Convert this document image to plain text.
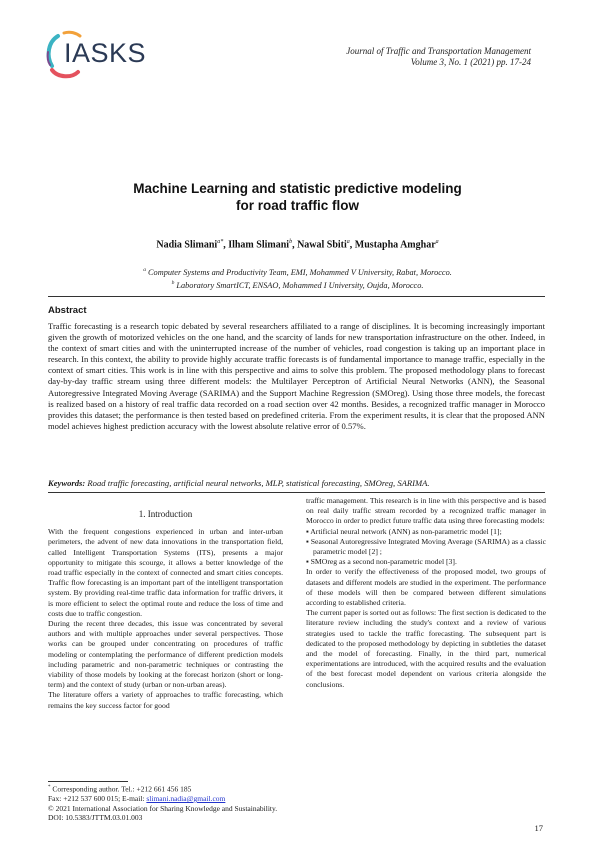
IASKS	Journal of Traffic and Transportation Management
Volume 3, No. 1 (2021) pp. 17-24
Machine Learning and statistic predictive modeling
for road traffic flow
Nadia Slimani$^{a*}$, Ilham Slimani$^b$, Nawal Sbiti$^a$, Mustapha Amghar$^a$
$^a$ Computer Systems and Productivity Team, EMI, Mohammed V University, Rabat, Morocco.
$^b$ Laboratory SmartICT, ENSAO, Mohammed I University, Oujda, Morocco.
Abstract
Traffic forecasting is a research topic debated by several researchers affiliated to a range of disciplines. It is becoming increasingly important given the growth of motorized vehicles on the one hand, and the scarcity of lands for new transportation infrastructure on the other. Indeed, in the context of smart cities and with the uninterrupted increase of the number of vehicles, road congestion is taking up an important place in research. In this context, the ability to provide highly accurate traffic forecasts is of fundamental importance to manage traffic, especially in the context of smart cities. This work is in line with this perspective and aims to solve this problem. The proposed methodology plans to forecast day-by-day traffic stream using three different models: the Multilayer Perceptron of Artificial Neural Networks (ANN), the Seasonal Autoregressive Integrated Moving Average (SARIMA) and the Support Machine Regression (SMOreg). Using those three models, the forecast is realized based on a history of real traffic data recorded on a road section over 42 months. Besides, a recognized traffic manager in Morocco provides this dataset; the performance is then tested based on predefined criteria. From the experiment results, it is clear that the proposed ANN model achieves highest prediction accuracy with the lowest absolute relative error of 0.57%.
Keywords: Road traffic forecasting, artificial neural networks, MLP, statistical forecasting, SMOreg, SARIMA.

1. Introduction

With the frequent congestions experienced in urban and inter-urban perimeters, the advent of new data innovations in the transportation field, called Intelligent Transportation Systems (ITS), presents a major opportunity to mitigate this scourge, it allows a better knowledge of the road traffic especially in the context of connected and smart cities concepts. Traffic flow forecasting is an important part of the intelligent transportation system. By providing real-time traffic data information for traffic drivers, it is more efficient to select the optimal route and reduce the loss of time and costs due to traffic congestion.

During the recent three decades, this issue was concentrated by several authors and with multiple approaches under several perspectives. Those works can be grouped under concentrating on procedures of traffic modeling or contemplating the performance of different prediction models including parametric and non-parametric techniques or contrasting the viability of those models by looking at the forecast horizon (short or long-term) and the context of study (urban or non-urban areas).

The literature offers a variety of approaches to traffic forecasting, which remains the key success factor for good

traffic management. This research is in line with this perspective and is based on real daily traffic stream recorded by a recognized traffic manager in Morocco in order to predict future traffic data using three forecasting models:

▪ Artificial neural network (ANN) as non-parametric model [1];

▪ Seasonal Autoregressive Integrated Moving Average (SARIMA) as a classic parametric model [2] ;

▪ SMOreg as a second non-parametric model [3].

In order to verify the effectiveness of the proposed model, two groups of datasets and different models are studied in the experiment. The performance of these models will then be compared between different simulations according to established criteria.

The current paper is sorted out as follows: The first section is dedicated to the literature review including the study's context and a review of various strategies used to tackle the traffic forecasting. The subsequent part is dedicated to the proposed methodology by depicting in subtleties the dataset and the model of forecasting. Finally, in the third part, numerical experimentations are introduced, with the acquired results and the evaluation of the best forecast model dependent on various criteria alongside the conclusions.

* Corresponding author. Tel.: +212 661 456 185
Fax: +212 537 600 015; E-mail: slimani.nadia@gmail.com
© 2021 International Association for Sharing Knowledge and Sustainability.
DOI: 10.5383/JTTM.03.01.003
17
